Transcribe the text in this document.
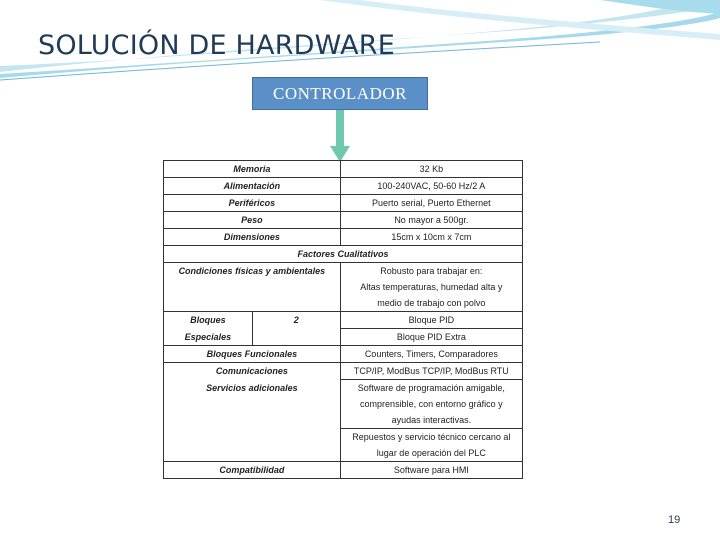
SOLUCIÓN DE HARDWARE
CONTROLADOR
Memoria		32 Kb
Alimentación		100-240VAC, 50-60 Hz/2 A
Periféricos		Puerto serial, Puerto Ethernet
Peso		No mayor a 500gr.
Dimensiones		15cm x 10cm x 7cm
Factores Cualitativos		
Condiciones físicas y ambientales		Robusto para trabajar en:
		Altas temperaturas, humedad alta y
		medio de trabajo con polvo
Bloques	2	Bloque PID
Especiales		Bloque PID Extra
Bloques Funcionales		Counters, Timers, Comparadores
Comunicaciones		TCP/IP, ModBus TCP/IP, ModBus RTU
Servicios adicionales		Software de programación amigable,
		comprensible, con entorno gráfico y
		ayudas interactivas.
		Repuestos y servicio técnico cercano al
		lugar de operación del PLC
Compatibilidad		Software para HMI
19
